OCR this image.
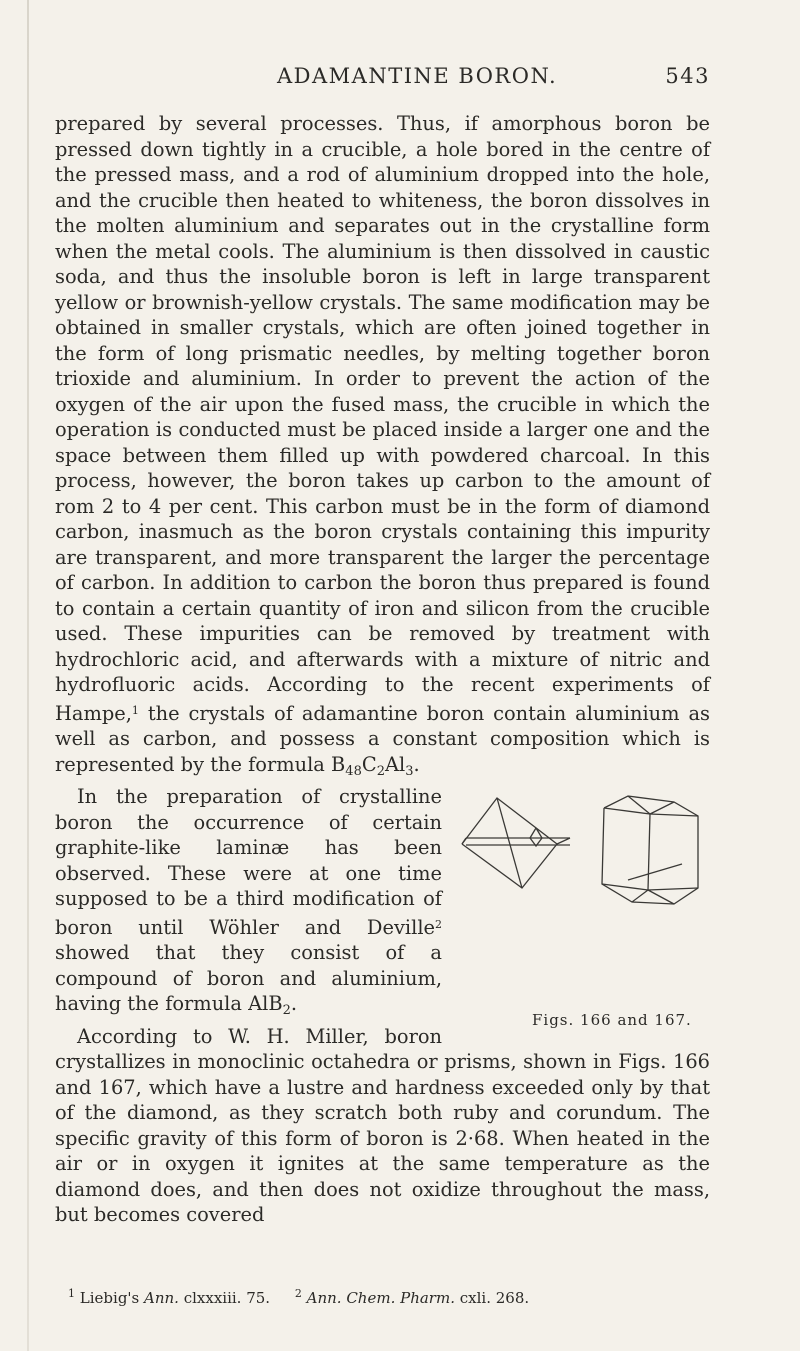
ADAMANTINE BORON.	543

prepared by several processes. Thus, if amorphous boron be pressed down tightly in a crucible, a hole bored in the centre of the pressed mass, and a rod of aluminium dropped into the hole, and the crucible then heated to whiteness, the boron dissolves in the molten aluminium and separates out in the crystalline form when the metal cools. The aluminium is then dissolved in caustic soda, and thus the insoluble boron is left in large transparent yellow or brownish-yellow crystals. The same modification may be obtained in smaller crystals, which are often joined together in the form of long prismatic needles, by melting together boron trioxide and aluminium. In order to prevent the action of the oxygen of the air upon the fused mass, the crucible in which the operation is conducted must be placed inside a larger one and the space between them filled up with powdered charcoal. In this process, however, the boron takes up carbon to the amount of rom 2 to 4 per cent. This carbon must be in the form of diamond carbon, inasmuch as the boron crystals containing this impurity are transparent, and more transparent the larger the percentage of carbon. In addition to carbon the boron thus prepared is found to contain a certain quantity of iron and silicon from the crucible used. These impurities can be removed by treatment with hydrochloric acid, and afterwards with a mixture of nitric and hydrofluoric acids. According to the recent experiments of Hampe,$^1$ the crystals of adamantine boron contain aluminium as well as carbon, and possess a constant composition which is represented by the formula $B_{48}C_2Al_3$.

Figs. 166 and 167.
In the preparation of crystalline boron the occurrence of certain graphite-like laminæ has been observed. These were at one time supposed to be a third modification of boron until Wöhler and Deville$^2$ showed that they consist of a compound of boron and aluminium, having the formula AlB$_2$.

According to W. H. Miller, boron crystallizes in monoclinic octahedra or prisms, shown in Figs. 166 and 167, which have a lustre and hardness exceeded only by that of the diamond, as they scratch both ruby and corundum. The specific gravity of this form of boron is 2·68. When heated in the air or in oxygen it ignites at the same temperature as the diamond does, and then does not oxidize throughout the mass, but becomes covered

$^1$ Liebig's Ann. clxxxiii. 75. $^2$ Ann. Chem. Pharm. cxli. 268.
